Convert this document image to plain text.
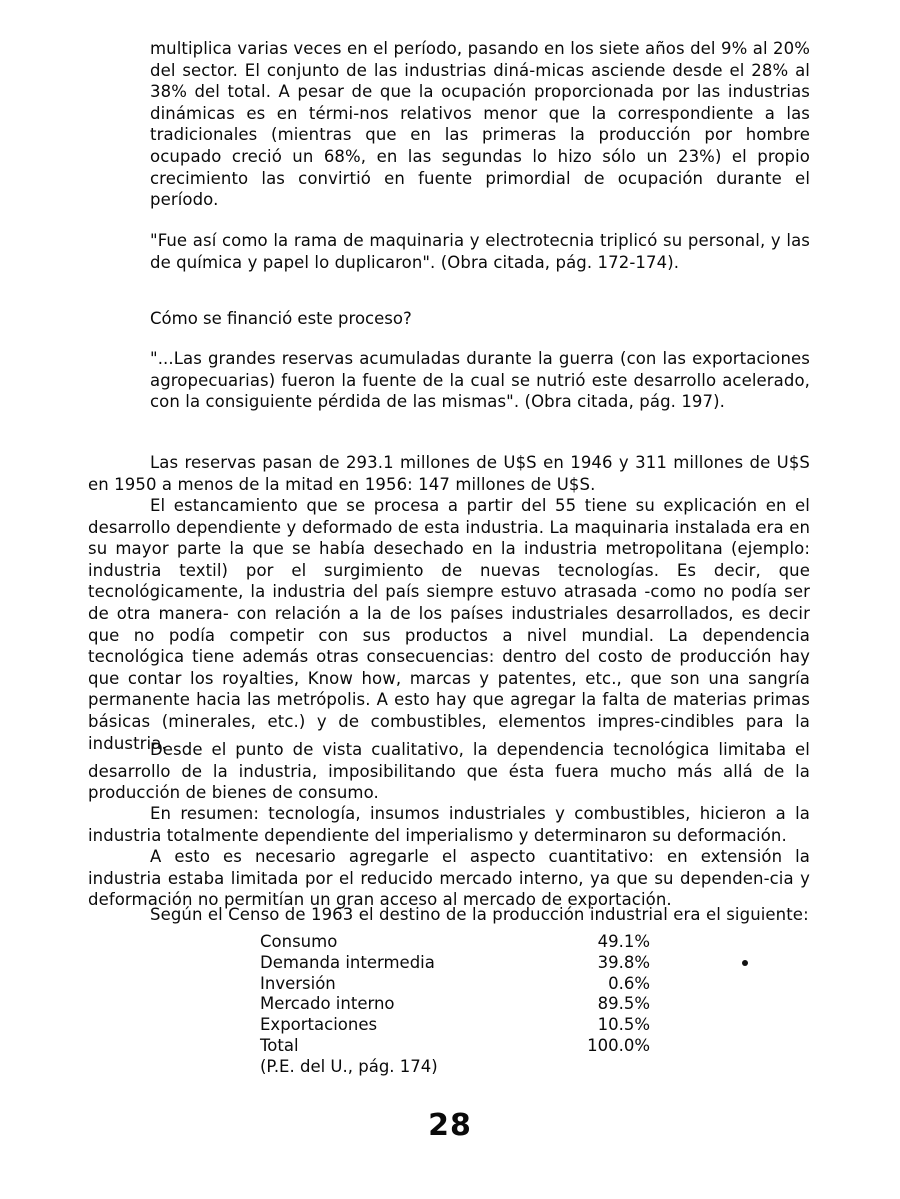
multiplica varias veces en el período, pasando en los siete años del 9% al 20% del sector. El conjunto de las industrias diná-micas asciende desde el 28% al 38% del total. A pesar de que la ocupación proporcionada por las industrias dinámicas es en térmi-nos relativos menor que la correspondiente a las tradicionales (mientras que en las primeras la producción por hombre ocupado creció un 68%, en las segundas lo hizo sólo un 23%) el propio crecimiento las convirtió en fuente primordial de ocupación durante el período.

"Fue así como la rama de maquinaria y electrotecnia triplicó su personal, y las de química y papel lo duplicaron". (Obra citada, pág. 172-174).

Cómo se financió este proceso?

"...Las grandes reservas acumuladas durante la guerra (con las exportaciones agropecuarias) fueron la fuente de la cual se nutrió este desarrollo acelerado, con la consiguiente pérdida de las mismas". (Obra citada, pág. 197).

Las reservas pasan de 293.1 millones de U$S en 1946 y 311 millones de U$S en 1950 a menos de la mitad en 1956: 147 millones de U$S.

El estancamiento que se procesa a partir del 55 tiene su explicación en el desarrollo dependiente y deformado de esta industria. La maquinaria instalada era en su mayor parte la que se había desechado en la industria metropolitana (ejemplo: industria textil) por el surgimiento de nuevas tecnologías. Es decir, que tecnológicamente, la industria del país siempre estuvo atrasada -como no podía ser de otra manera- con relación a la de los países industriales desarrollados, es decir que no podía competir con sus productos a nivel mundial. La dependencia tecnológica tiene además otras consecuencias: dentro del costo de producción hay que contar los royalties, Know how, marcas y patentes, etc., que son una sangría permanente hacia las metrópolis. A esto hay que agregar la falta de materias primas básicas (minerales, etc.) y de combustibles, elementos impres-cindibles para la industria.

Desde el punto de vista cualitativo, la dependencia tecnológica limitaba el desarrollo de la industria, imposibilitando que ésta fuera mucho más allá de la producción de bienes de consumo.

En resumen: tecnología, insumos industriales y combustibles, hicieron a la industria totalmente dependiente del imperialismo y determinaron su deformación.

A esto es necesario agregarle el aspecto cuantitativo: en extensión la industria estaba limitada por el reducido mercado interno, ya que su dependen-cia y deformación no permitían un gran acceso al mercado de exportación.

Según el Censo de 1963 el destino de la producción industrial era el siguiente:

Consumo	49.1%
Demanda intermedia	39.8%
Inversión	0.6%
Mercado interno	89.5%
Exportaciones	10.5%
Total	100.0%
(P.E. del U., pág. 174)
28
